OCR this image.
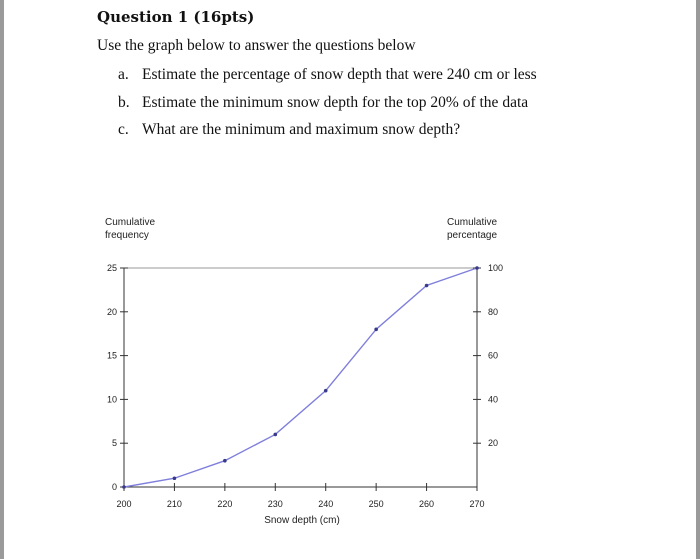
Question 1 (16pts)
Use the graph below to answer the questions below
a. Estimate the percentage of snow depth that were 240 cm or less
b. Estimate the minimum snow depth for the top 20% of the data
c. What are the minimum and maximum snow depth?
Cumulative
frequency
Cumulative
percentage
Snow depth (cm)
200	210	220	230	240	250	260	270
0
5
10
15
20
25
20
40
60
80
100
